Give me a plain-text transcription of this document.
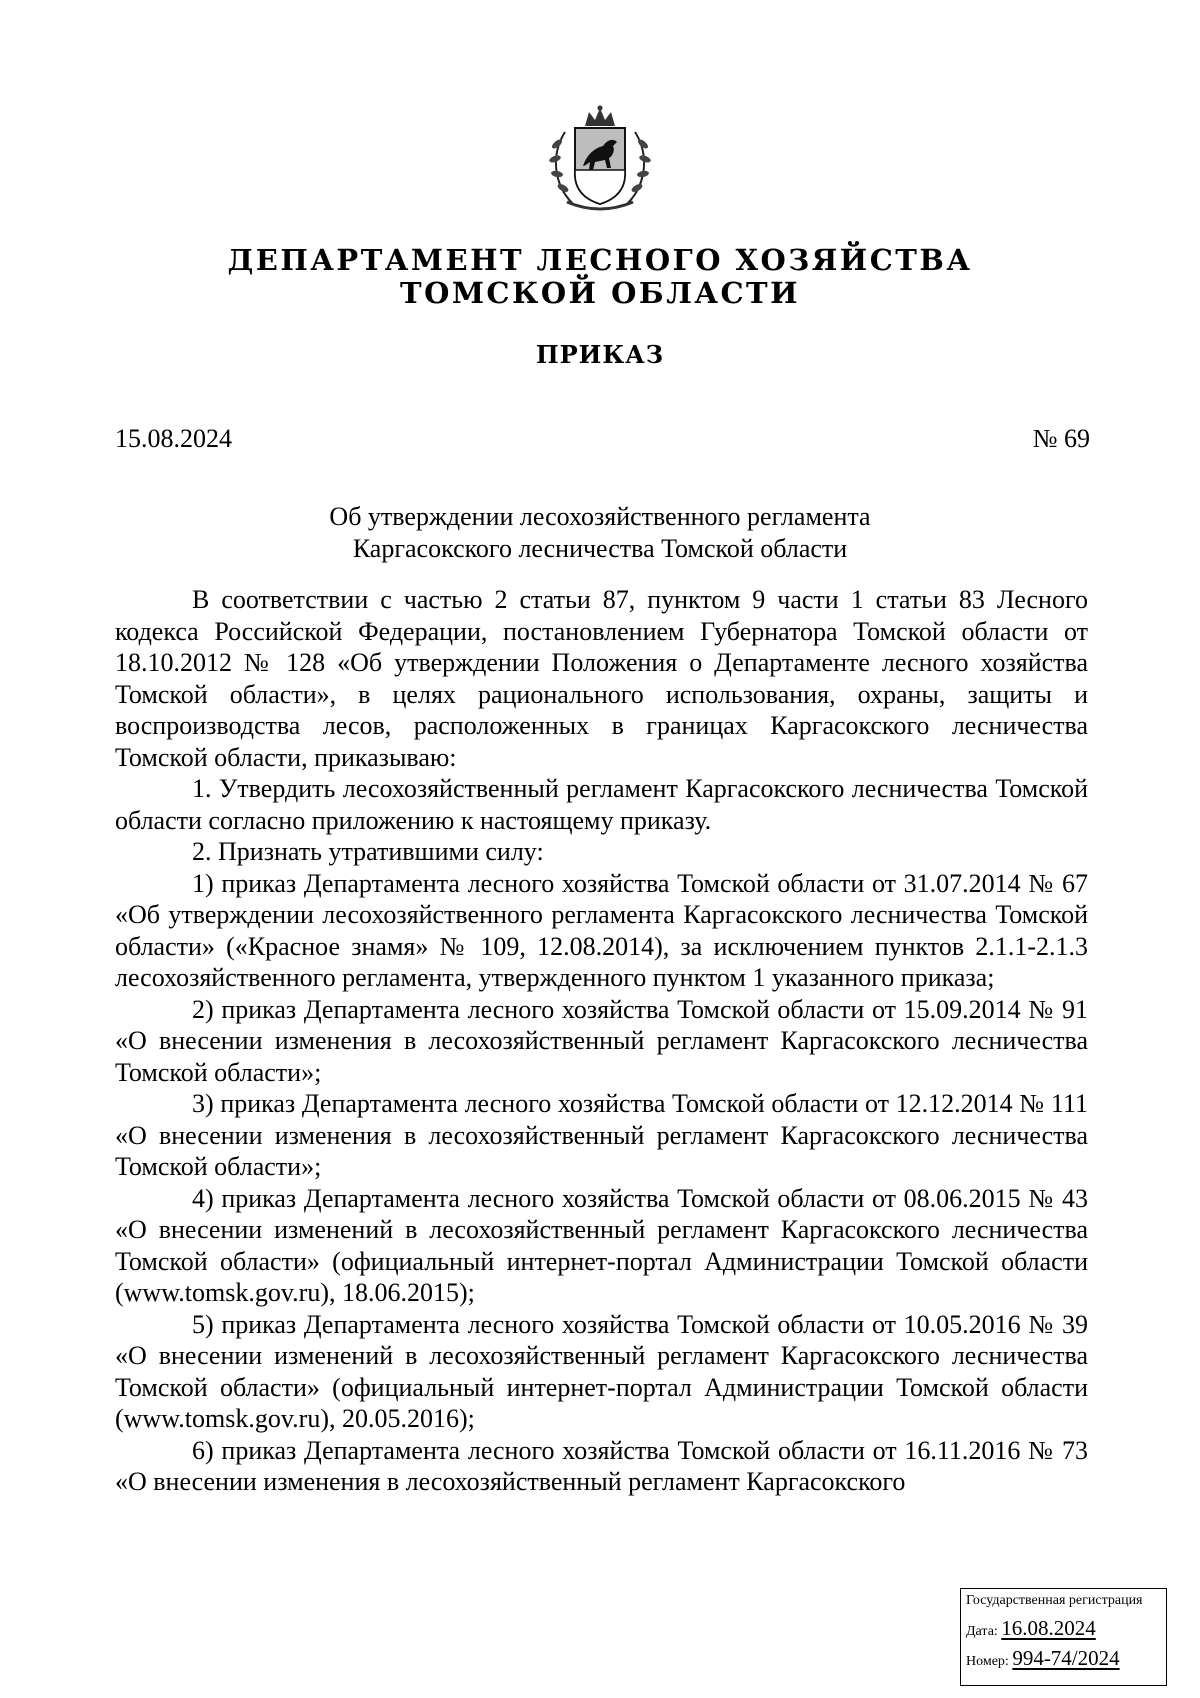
ДЕПАРТАМЕНТ ЛЕСНОГО ХОЗЯЙСТВА
ТОМСКОЙ ОБЛАСТИ
ПРИКАЗ
15.08.2024	№ 69
Об утверждении лесохозяйственного регламента
Каргасокского лесничества Томской области

В соответствии с частью 2 статьи 87, пунктом 9 части 1 статьи 83 Лесного кодекса Российской Федерации, постановлением Губернатора Томской области от 18.10.2012 № 128 «Об утверждении Положения о Департаменте лесного хозяйства Томской области», в целях рационального использования, охраны, защиты и воспроизводства лесов, расположенных в границах Каргасокского лесничества Томской области, приказываю:

1. Утвердить лесохозяйственный регламент Каргасокского лесничества Томской области согласно приложению к настоящему приказу.

2. Признать утратившими силу:

1) приказ Департамента лесного хозяйства Томской области от 31.07.2014 № 67 «Об утверждении лесохозяйственного регламента Каргасокского лесничества Томской области» («Красное знамя» № 109, 12.08.2014), за исключением пунктов 2.1.1-2.1.3 лесохозяйственного регламента, утвержденного пунктом 1 указанного приказа;

2) приказ Департамента лесного хозяйства Томской области от 15.09.2014 № 91 «О внесении изменения в лесохозяйственный регламент Каргасокского лесничества Томской области»;

3) приказ Департамента лесного хозяйства Томской области от 12.12.2014 № 111 «О внесении изменения в лесохозяйственный регламент Каргасокского лесничества Томской области»;

4) приказ Департамента лесного хозяйства Томской области от 08.06.2015 № 43 «О внесении изменений в лесохозяйственный регламент Каргасокского лесничества Томской области» (официальный интернет-портал Администрации Томской области (www.tomsk.gov.ru), 18.06.2015);

5) приказ Департамента лесного хозяйства Томской области от 10.05.2016 № 39 «О внесении изменений в лесохозяйственный регламент Каргасокского лесничества Томской области» (официальный интернет-портал Администрации Томской области (www.tomsk.gov.ru), 20.05.2016);

6) приказ Департамента лесного хозяйства Томской области от 16.11.2016 № 73 «О внесении изменения в лесохозяйственный регламент Каргасокского

Государственная регистрация
Дата: 16.08.2024
Номер: 994-74/2024
